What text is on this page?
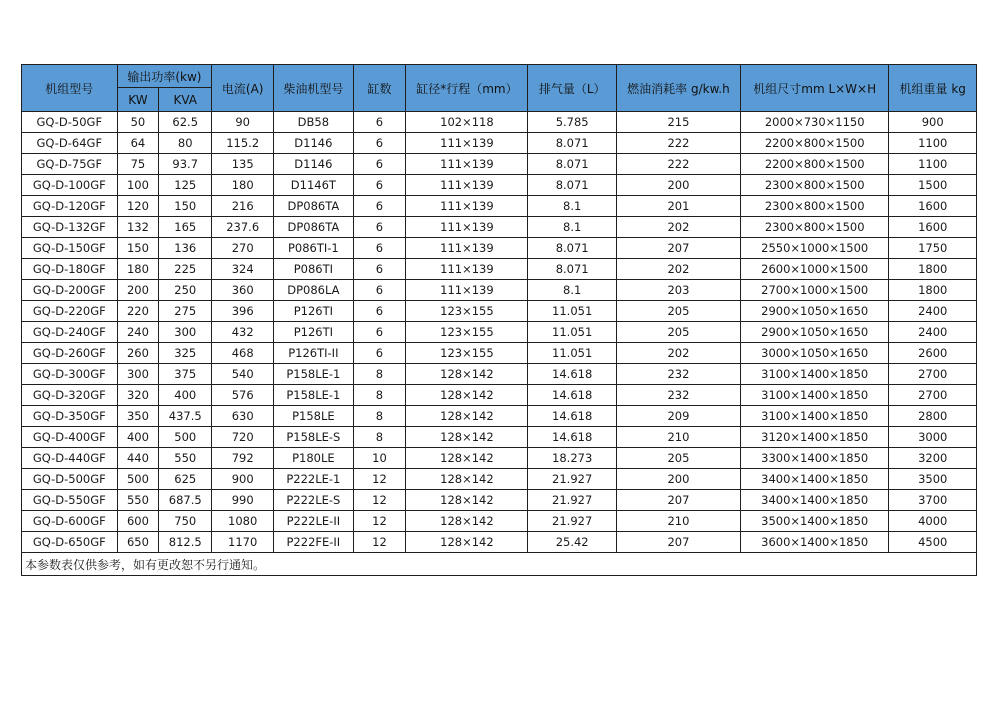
机组型号	输出功率(kw)		电流(A)	柴油机型号	缸数	缸径*行程（mm）	排气量（L）	燃油消耗率 g/kw.h	机组尺寸mm L×W×H	机组重量 kg
	KW	KVA								
GQ-D-50GF	50	62.5	90	DB58	6	102×118	5.785	215	2000×730×1150	900
GQ-D-64GF	64	80	115.2	D1146	6	111×139	8.071	222	2200×800×1500	1100
GQ-D-75GF	75	93.7	135	D1146	6	111×139	8.071	222	2200×800×1500	1100
GQ-D-100GF	100	125	180	D1146T	6	111×139	8.071	200	2300×800×1500	1500
GQ-D-120GF	120	150	216	DP086TA	6	111×139	8.1	201	2300×800×1500	1600
GQ-D-132GF	132	165	237.6	DP086TA	6	111×139	8.1	202	2300×800×1500	1600
GQ-D-150GF	150	136	270	P086TI-1	6	111×139	8.071	207	2550×1000×1500	1750
GQ-D-180GF	180	225	324	P086TI	6	111×139	8.071	202	2600×1000×1500	1800
GQ-D-200GF	200	250	360	DP086LA	6	111×139	8.1	203	2700×1000×1500	1800
GQ-D-220GF	220	275	396	P126TI	6	123×155	11.051	205	2900×1050×1650	2400
GQ-D-240GF	240	300	432	P126TI	6	123×155	11.051	205	2900×1050×1650	2400
GQ-D-260GF	260	325	468	P126TI-II	6	123×155	11.051	202	3000×1050×1650	2600
GQ-D-300GF	300	375	540	P158LE-1	8	128×142	14.618	232	3100×1400×1850	2700
GQ-D-320GF	320	400	576	P158LE-1	8	128×142	14.618	232	3100×1400×1850	2700
GQ-D-350GF	350	437.5	630	P158LE	8	128×142	14.618	209	3100×1400×1850	2800
GQ-D-400GF	400	500	720	P158LE-S	8	128×142	14.618	210	3120×1400×1850	3000
GQ-D-440GF	440	550	792	P180LE	10	128×142	18.273	205	3300×1400×1850	3200
GQ-D-500GF	500	625	900	P222LE-1	12	128×142	21.927	200	3400×1400×1850	3500
GQ-D-550GF	550	687.5	990	P222LE-S	12	128×142	21.927	207	3400×1400×1850	3700
GQ-D-600GF	600	750	1080	P222LE-II	12	128×142	21.927	210	3500×1400×1850	4000
GQ-D-650GF	650	812.5	1170	P222FE-II	12	128×142	25.42	207	3600×1400×1850	4500
本参数表仅供参考，如有更改恕不另行通知。										
